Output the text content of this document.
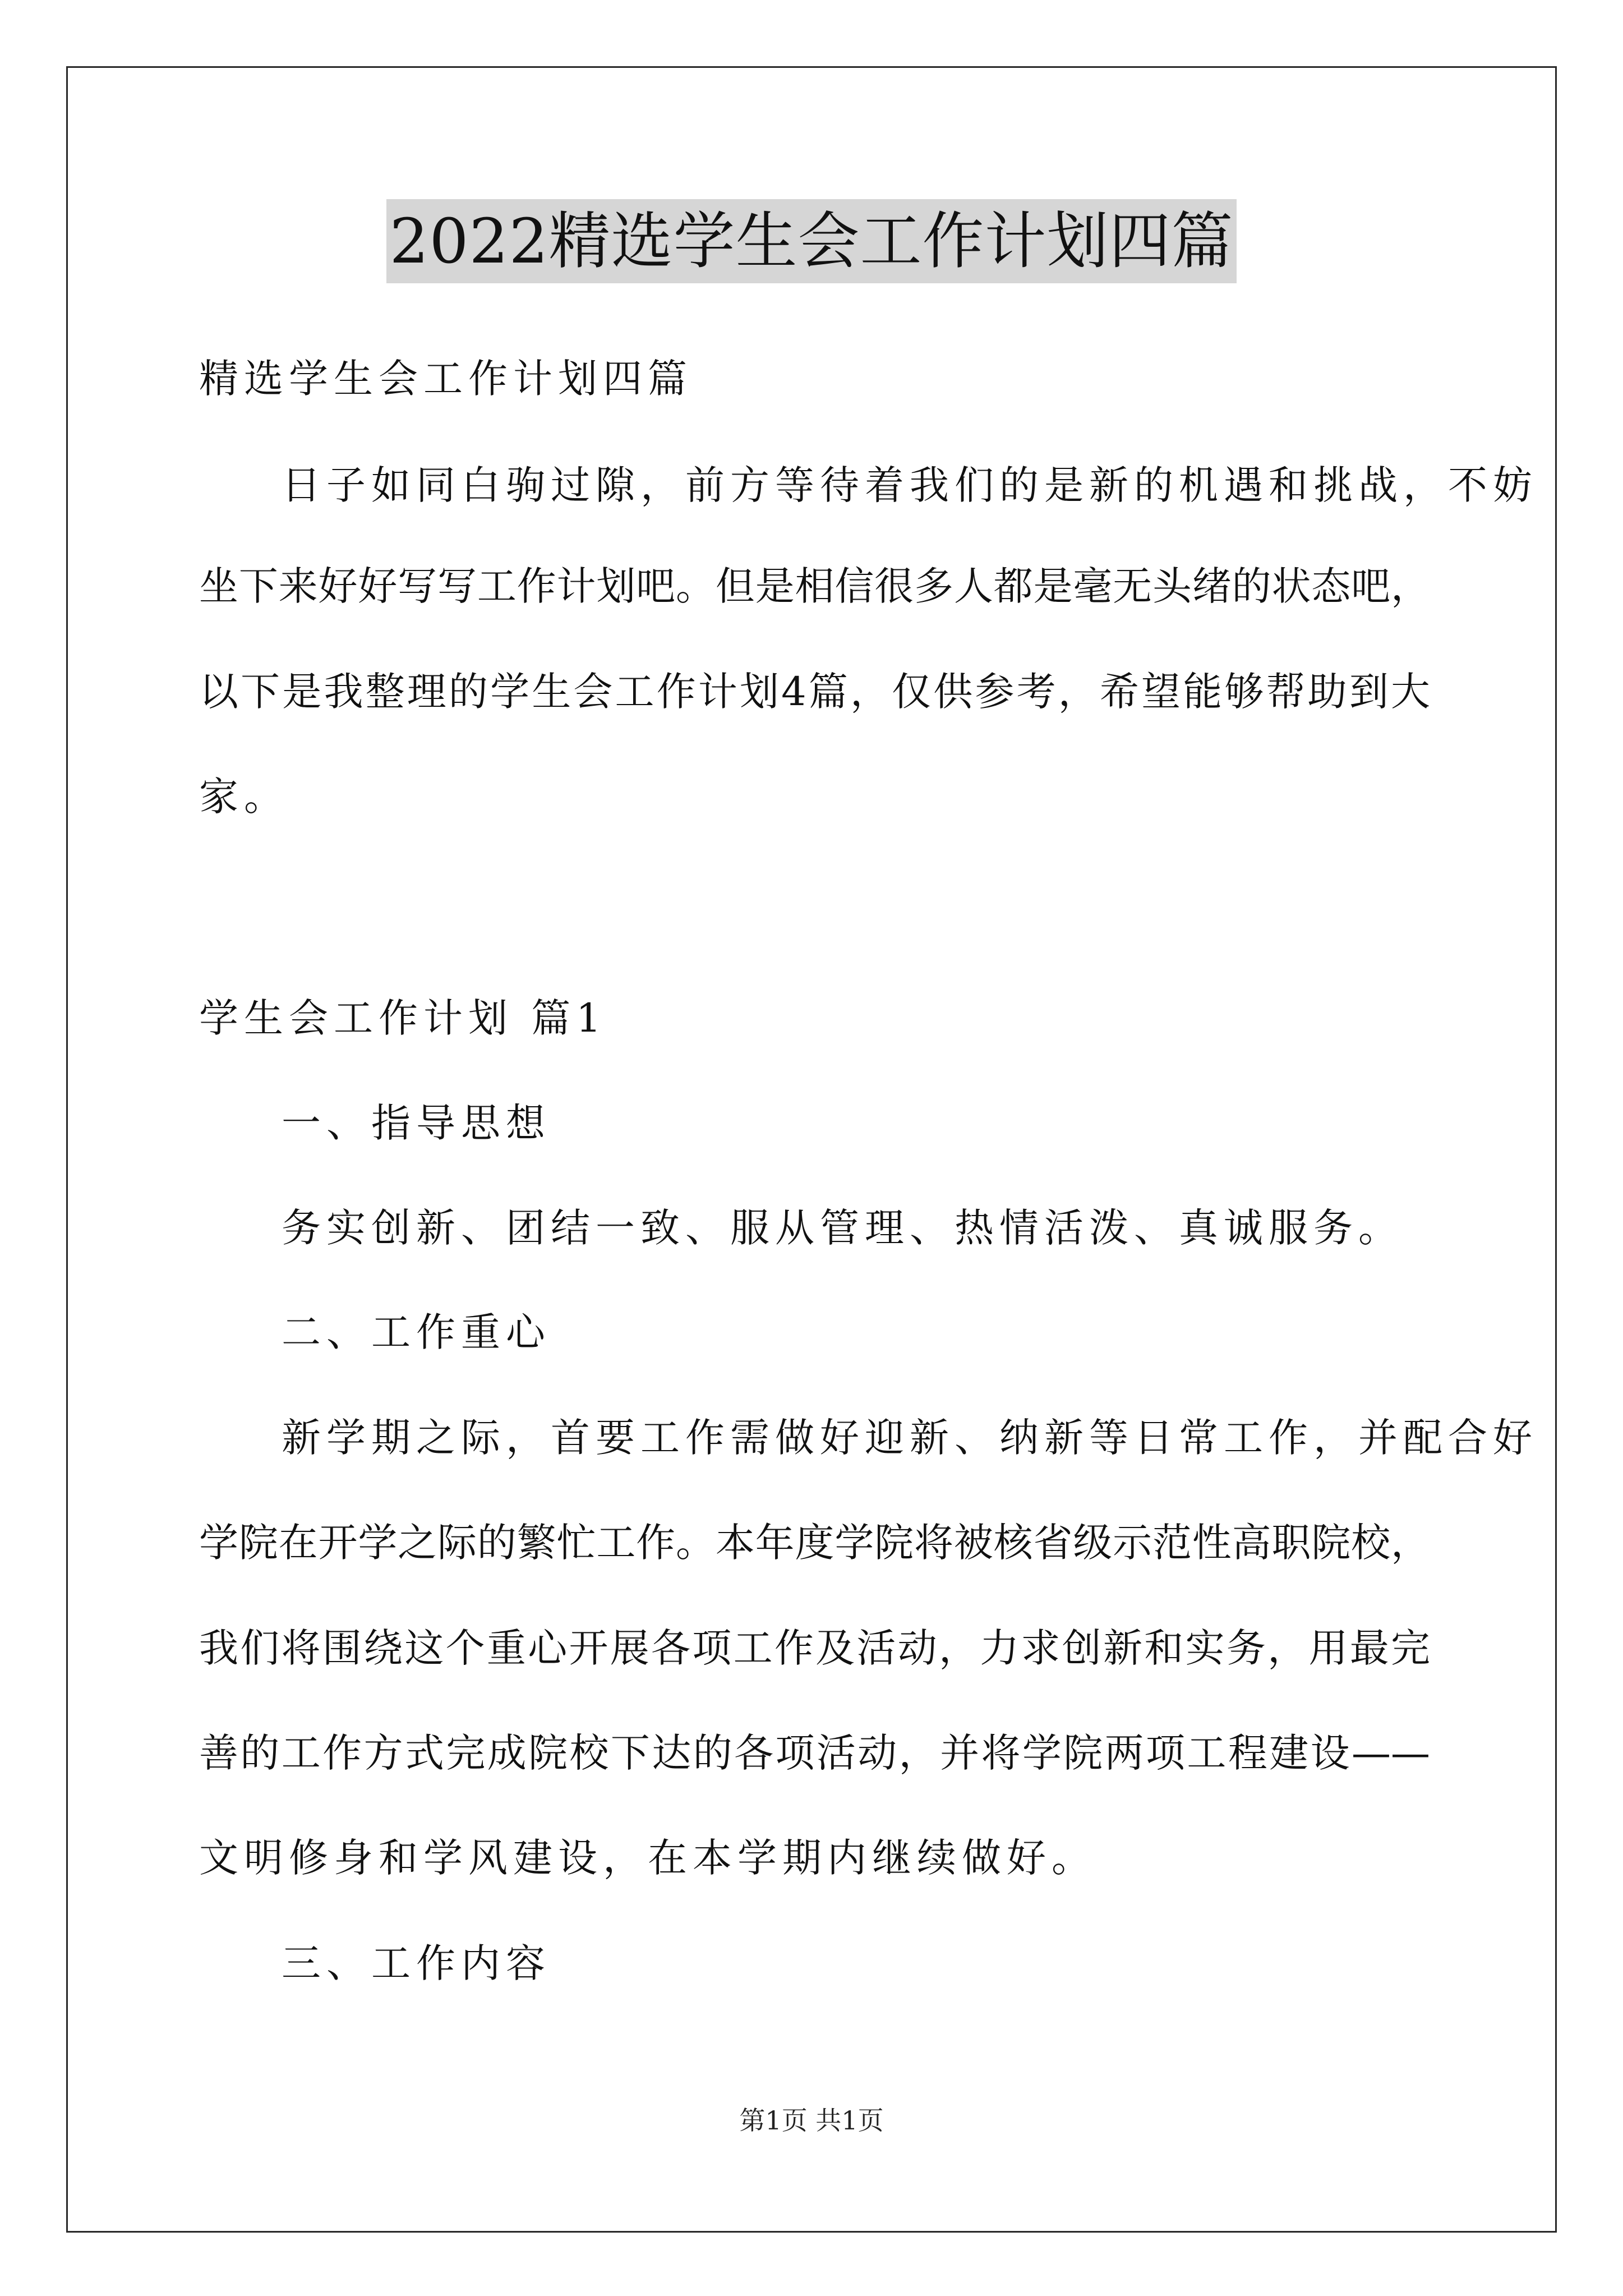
2022精选学生会工作计划四篇
精选学生会工作计划四篇
日子如同白驹过隙，前方等待着我们的是新的机遇和挑战，不妨
坐下来好好写写工作计划吧。但是相信很多人都是毫无头绪的状态吧，
以下是我整理的学生会工作计划4篇，仅供参考，希望能够帮助到大
家。
学生会工作计划 篇1
一、指导思想
务实创新、团结一致、服从管理、热情活泼、真诚服务。
二、工作重心
新学期之际，首要工作需做好迎新、纳新等日常工作，并配合好
学院在开学之际的繁忙工作。本年度学院将被核省级示范性高职院校，
我们将围绕这个重心开展各项工作及活动，力求创新和实务，用最完
善的工作方式完成院校下达的各项活动，并将学院两项工程建设——
文明修身和学风建设，在本学期内继续做好。
三、工作内容
第1页 共1页
